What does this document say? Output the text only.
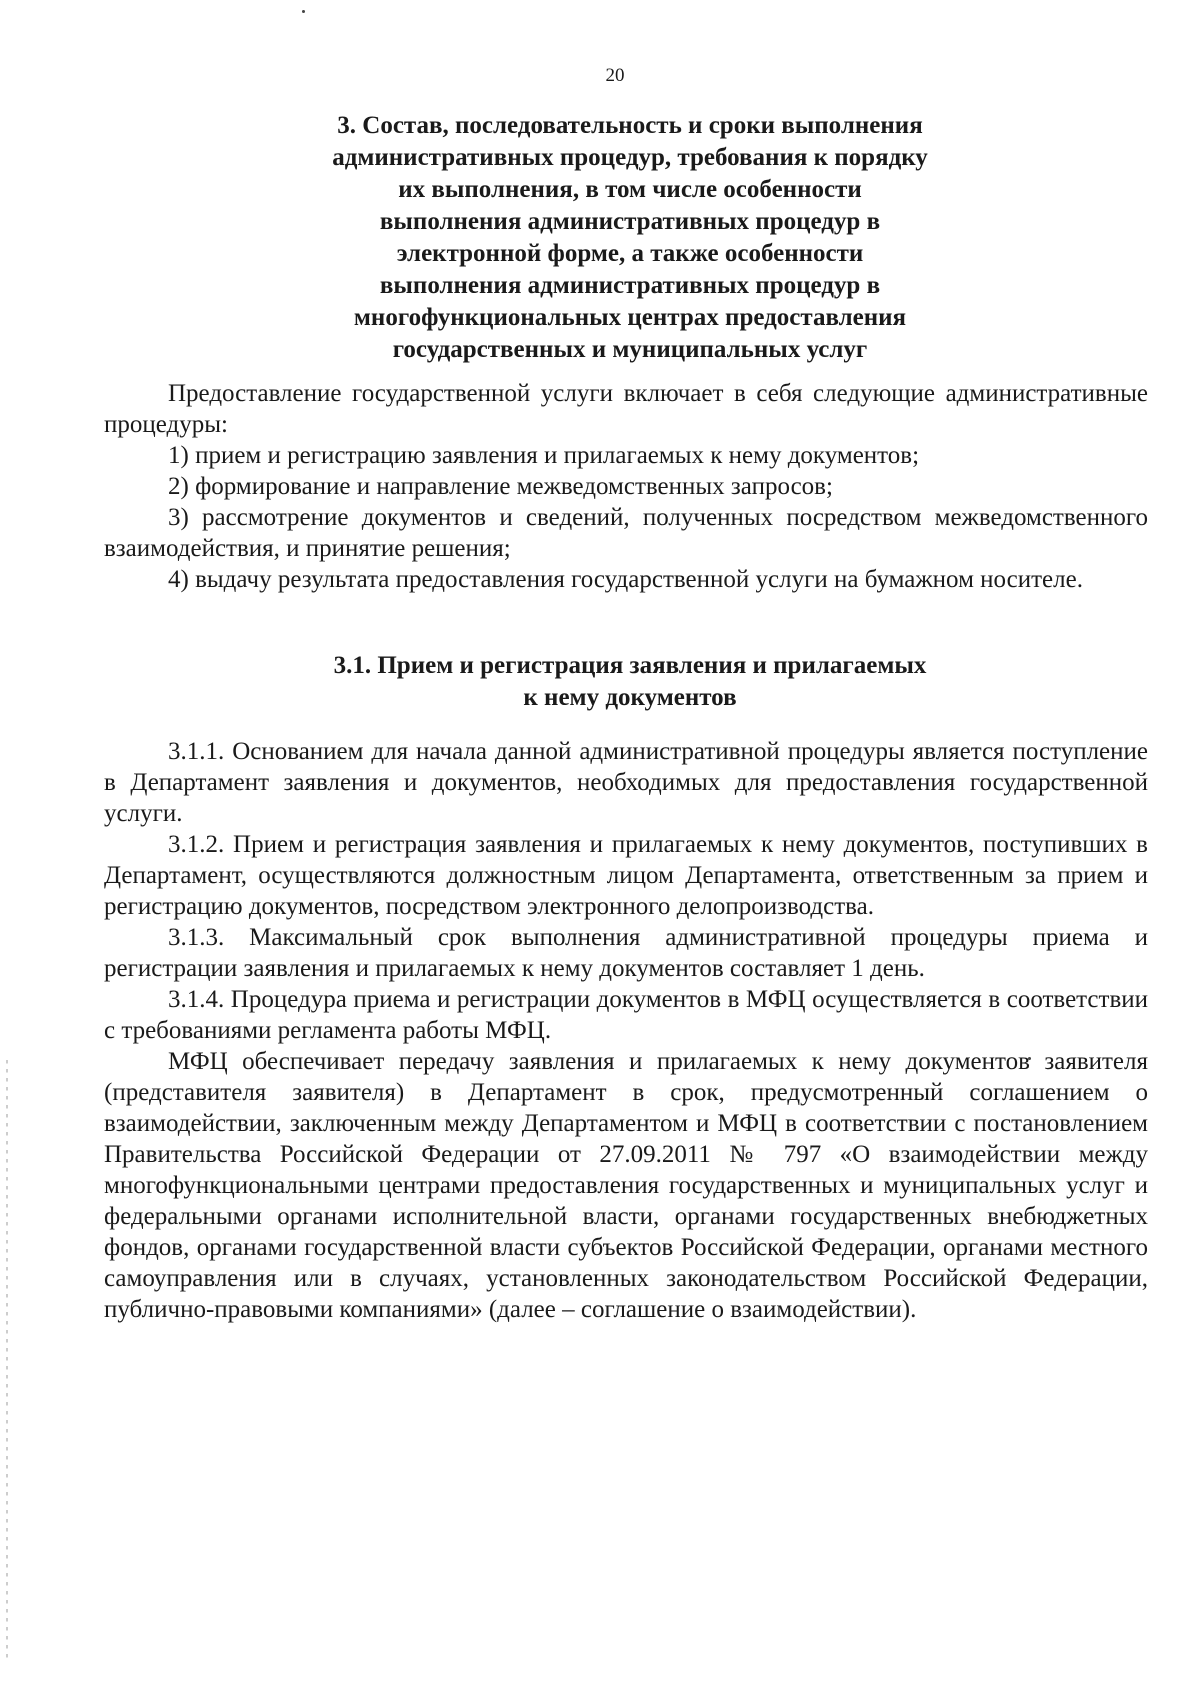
20
3. Состав, последовательность и сроки выполнения
административных процедур, требования к порядку
их выполнения, в том числе особенности
выполнения административных процедур в
электронной форме, а также особенности
выполнения административных процедур в
многофункциональных центрах предоставления
государственных и муниципальных услуг

Предоставление государственной услуги включает в себя следующие административные процедуры:

1) прием и регистрацию заявления и прилагаемых к нему документов;

2) формирование и направление межведомственных запросов;

3) рассмотрение документов и сведений, полученных посредством межведомственного взаимодействия, и принятие решения;

4) выдачу результата предоставления государственной услуги на бумажном носителе.

3.1. Прием и регистрация заявления и прилагаемых
к нему документов

3.1.1. Основанием для начала данной административной процедуры является поступление в Департамент заявления и документов, необходимых для предоставления государственной услуги.

3.1.2. Прием и регистрация заявления и прилагаемых к нему документов, поступивших в Департамент, осуществляются должностным лицом Департамента, ответственным за прием и регистрацию документов, посредством электронного делопроизводства.

3.1.3. Максимальный срок выполнения административной процедуры приема и регистрации заявления и прилагаемых к нему документов составляет 1 день.

3.1.4. Процедура приема и регистрации документов в МФЦ осуществляется в соответствии с требованиями регламента работы МФЦ.

МФЦ обеспечивает передачу заявления и прилагаемых к нему документов заявителя (представителя заявителя) в Департамент в срок, предусмотренный соглашением о взаимодействии, заключенным между Департаментом и МФЦ в соответствии с постановлением Правительства Российской Федерации от 27.09.2011 № 797 «О взаимодействии между многофункциональными центрами предоставления государственных и муниципальных услуг и федеральными органами исполнительной власти, органами государственных внебюджетных фондов, органами государственной власти субъектов Российской Федерации, органами местного самоуправления или в случаях, установленных законодательством Российской Федерации, публично-правовыми компаниями» (далее – соглашение о взаимодействии).
